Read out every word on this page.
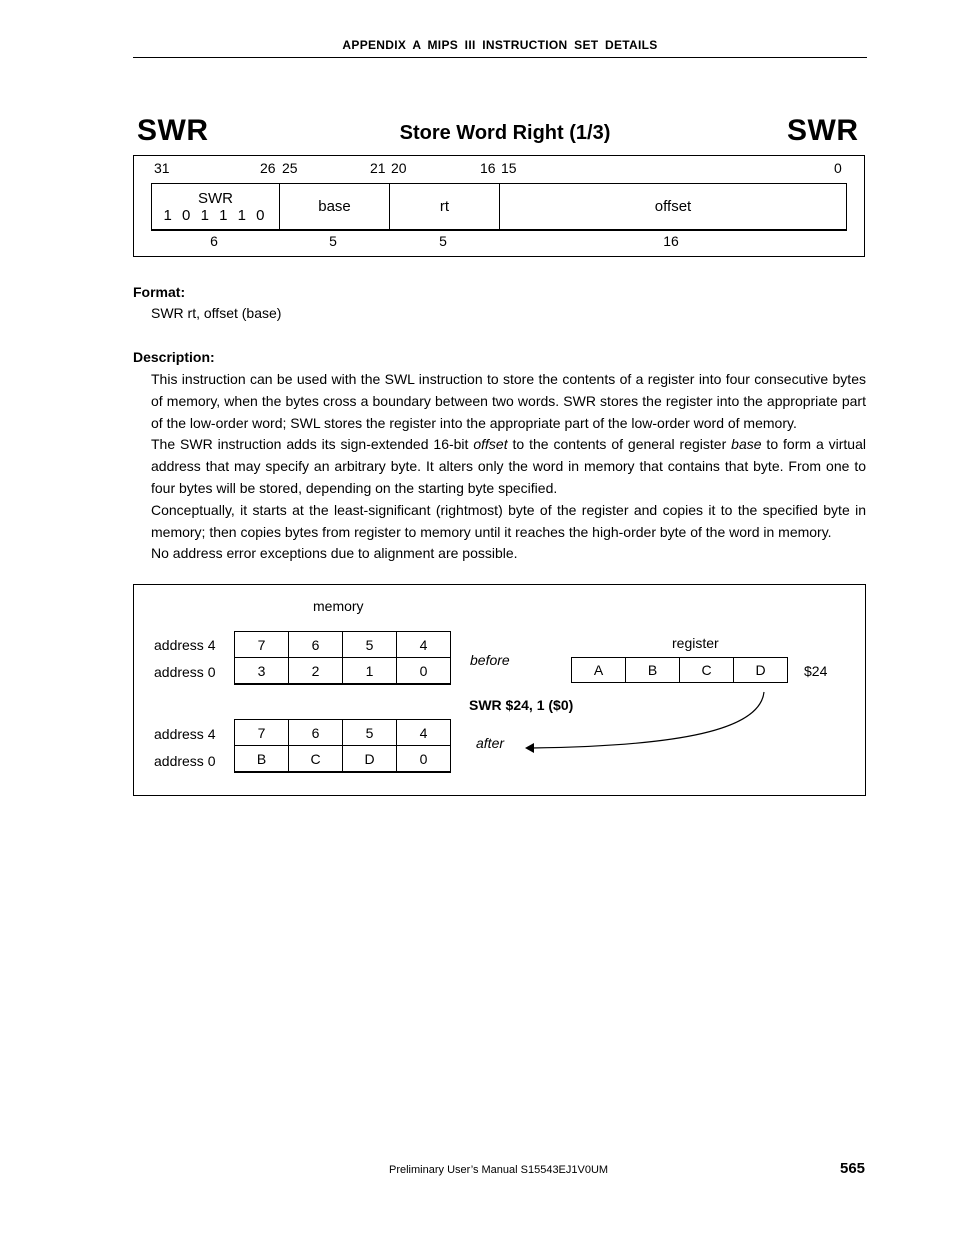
APPENDIX A MIPS III INSTRUCTION SET DETAILS
SWR	Store Word Right (1/3)	SWR
31	26 25	21 20	16 15	0
SWR
1 0 1 1 1 0	base	rt	offset
6	5	5	16
Format:
SWR rt, offset (base)
Description:
This instruction can be used with the SWL instruction to store the contents of a register into four consecutive bytes of memory, when the bytes cross a boundary between two words. SWR stores the register into the appropriate part of the low-order word; SWL stores the register into the appropriate part of the low-order word of memory.
The SWR instruction adds its sign-extended 16-bit offset to the contents of general register base to form a virtual address that may specify an arbitrary byte. It alters only the word in memory that contains that byte. From one to four bytes will be stored, depending on the starting byte specified.
Conceptually, it starts at the least-significant (rightmost) byte of the register and copies it to the specified byte in memory; then copies bytes from register to memory until it reaches the high-order byte of the word in memory.
No address error exceptions due to alignment are possible.
memory
address 4
address 0
7	6	5	4
3	2	1	0
before
register
A	B	C	D	$24
SWR $24, 1 ($0)
address 4
address 0
7	6	5	4
B	C	D	0
after
Preliminary User’s Manual S15543EJ1V0UM	565
